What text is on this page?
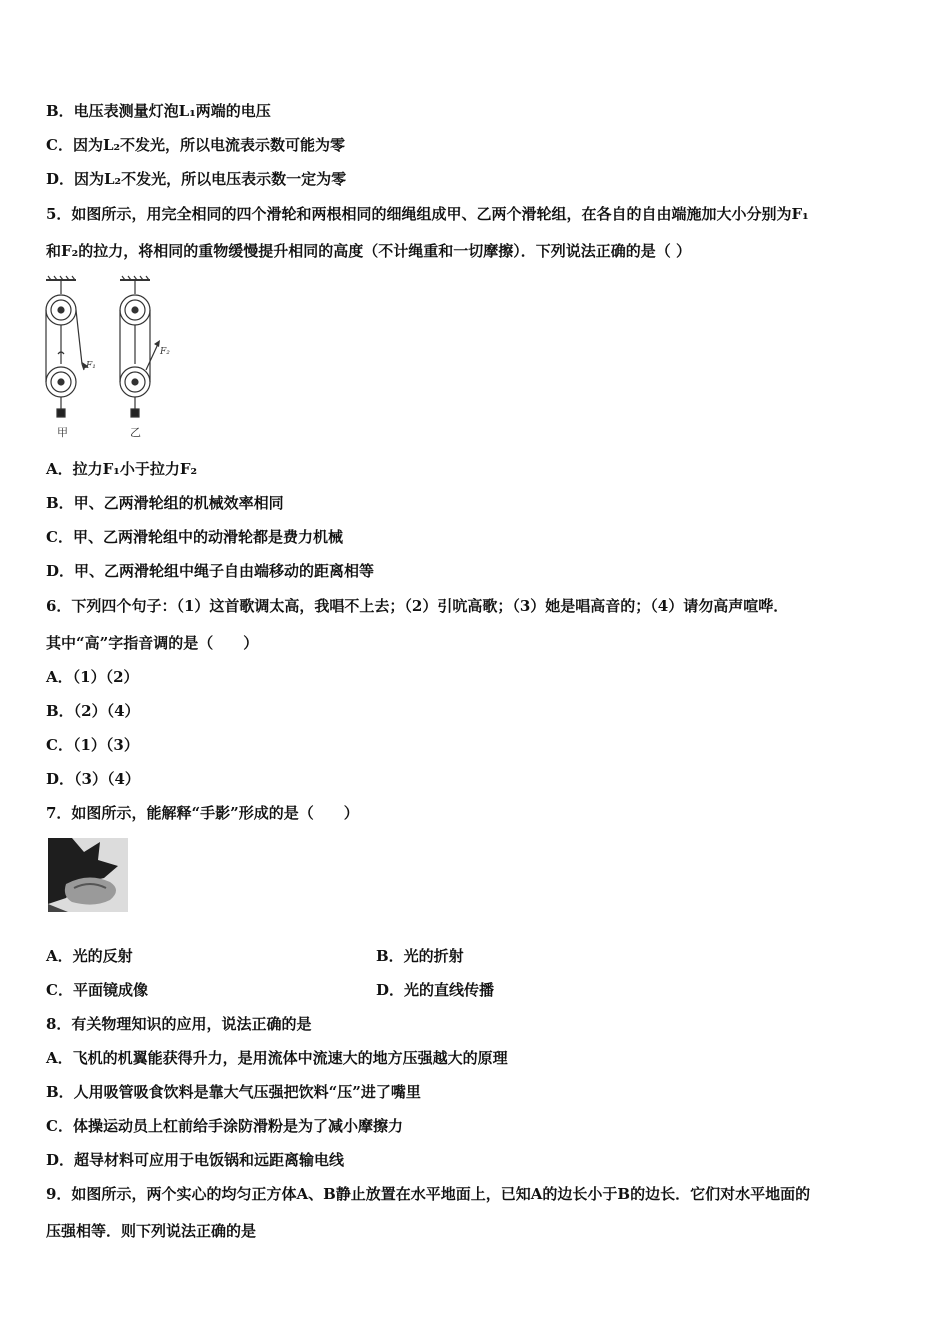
B．电压表测量灯泡L₁两端的电压
C．因为L₂不发光，所以电流表示数可能为零
D．因为L₂不发光，所以电压表示数一定为零
5．如图所示，用完全相同的四个滑轮和两根相同的细绳组成甲、乙两个滑轮组，在各自的自由端施加大小分别为F₁
和F₂的拉力，将相同的重物缓慢提升相同的高度（不计绳重和一切摩擦）．下列说法正确的是（ ）
F₁
F₂
甲	乙
A．拉力F₁小于拉力F₂
B．甲、乙两滑轮组的机械效率相同
C．甲、乙两滑轮组中的动滑轮都是费力机械
D．甲、乙两滑轮组中绳子自由端移动的距离相等
6．下列四个句子：（1）这首歌调太高，我唱不上去；（2）引吭高歌；（3）她是唱高音的；（4）请勿高声喧哗．
其中“高”字指音调的是（　　）
A．（1）（2）
B．（2）（4）
C．（1）（3）
D．（3）（4）
7．如图所示，能解释“手影”形成的是（　　）
A．光的反射	B．光的折射
C．平面镜成像	D．光的直线传播
8．有关物理知识的应用，说法正确的是
A．飞机的机翼能获得升力，是用流体中流速大的地方压强越大的原理
B．人用吸管吸食饮料是靠大气压强把饮料“压”进了嘴里
C．体操运动员上杠前给手涂防滑粉是为了减小摩擦力
D．超导材料可应用于电饭锅和远距离输电线
9．如图所示，两个实心的均匀正方体A、B静止放置在水平地面上，已知A的边长小于B的边长．它们对水平地面的
压强相等．则下列说法正确的是
